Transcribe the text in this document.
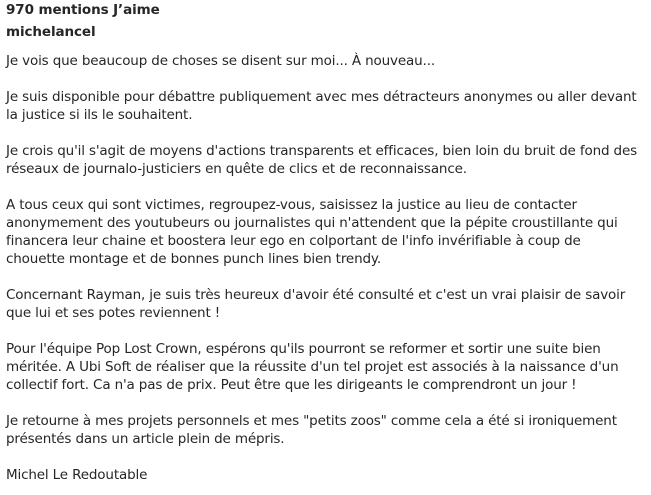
970 mentions J’aime
michelancel

Je vois que beaucoup de choses se disent sur moi... À nouveau...

Je suis disponible pour débattre publiquement avec mes détracteurs anonymes ou aller devant la justice si ils le souhaitent.

Je crois qu'il s'agit de moyens d'actions transparents et efficaces, bien loin du bruit de fond des réseaux de journalo-justiciers en quête de clics et de reconnaissance.

A tous ceux qui sont victimes, regroupez-vous, saisissez la justice au lieu de contacter anonymement des youtubeurs ou journalistes qui n'attendent que la pépite croustillante qui financera leur chaine et boostera leur ego en colportant de l'info invérifiable à coup de chouette montage et de bonnes punch lines bien trendy.

Concernant Rayman, je suis très heureux d'avoir été consulté et c'est un vrai plaisir de savoir que lui et ses potes reviennent !

Pour l'équipe Pop Lost Crown, espérons qu'ils pourront se reformer et sortir une suite bien méritée. A Ubi Soft de réaliser que la réussite d'un tel projet est associés à la naissance d'un collectif fort. Ca n'a pas de prix. Peut être que les dirigeants le comprendront un jour !

Je retourne à mes projets personnels et mes "petits zoos" comme cela a été si ironiquement présentés dans un article plein de mépris.

Michel Le Redoutable
